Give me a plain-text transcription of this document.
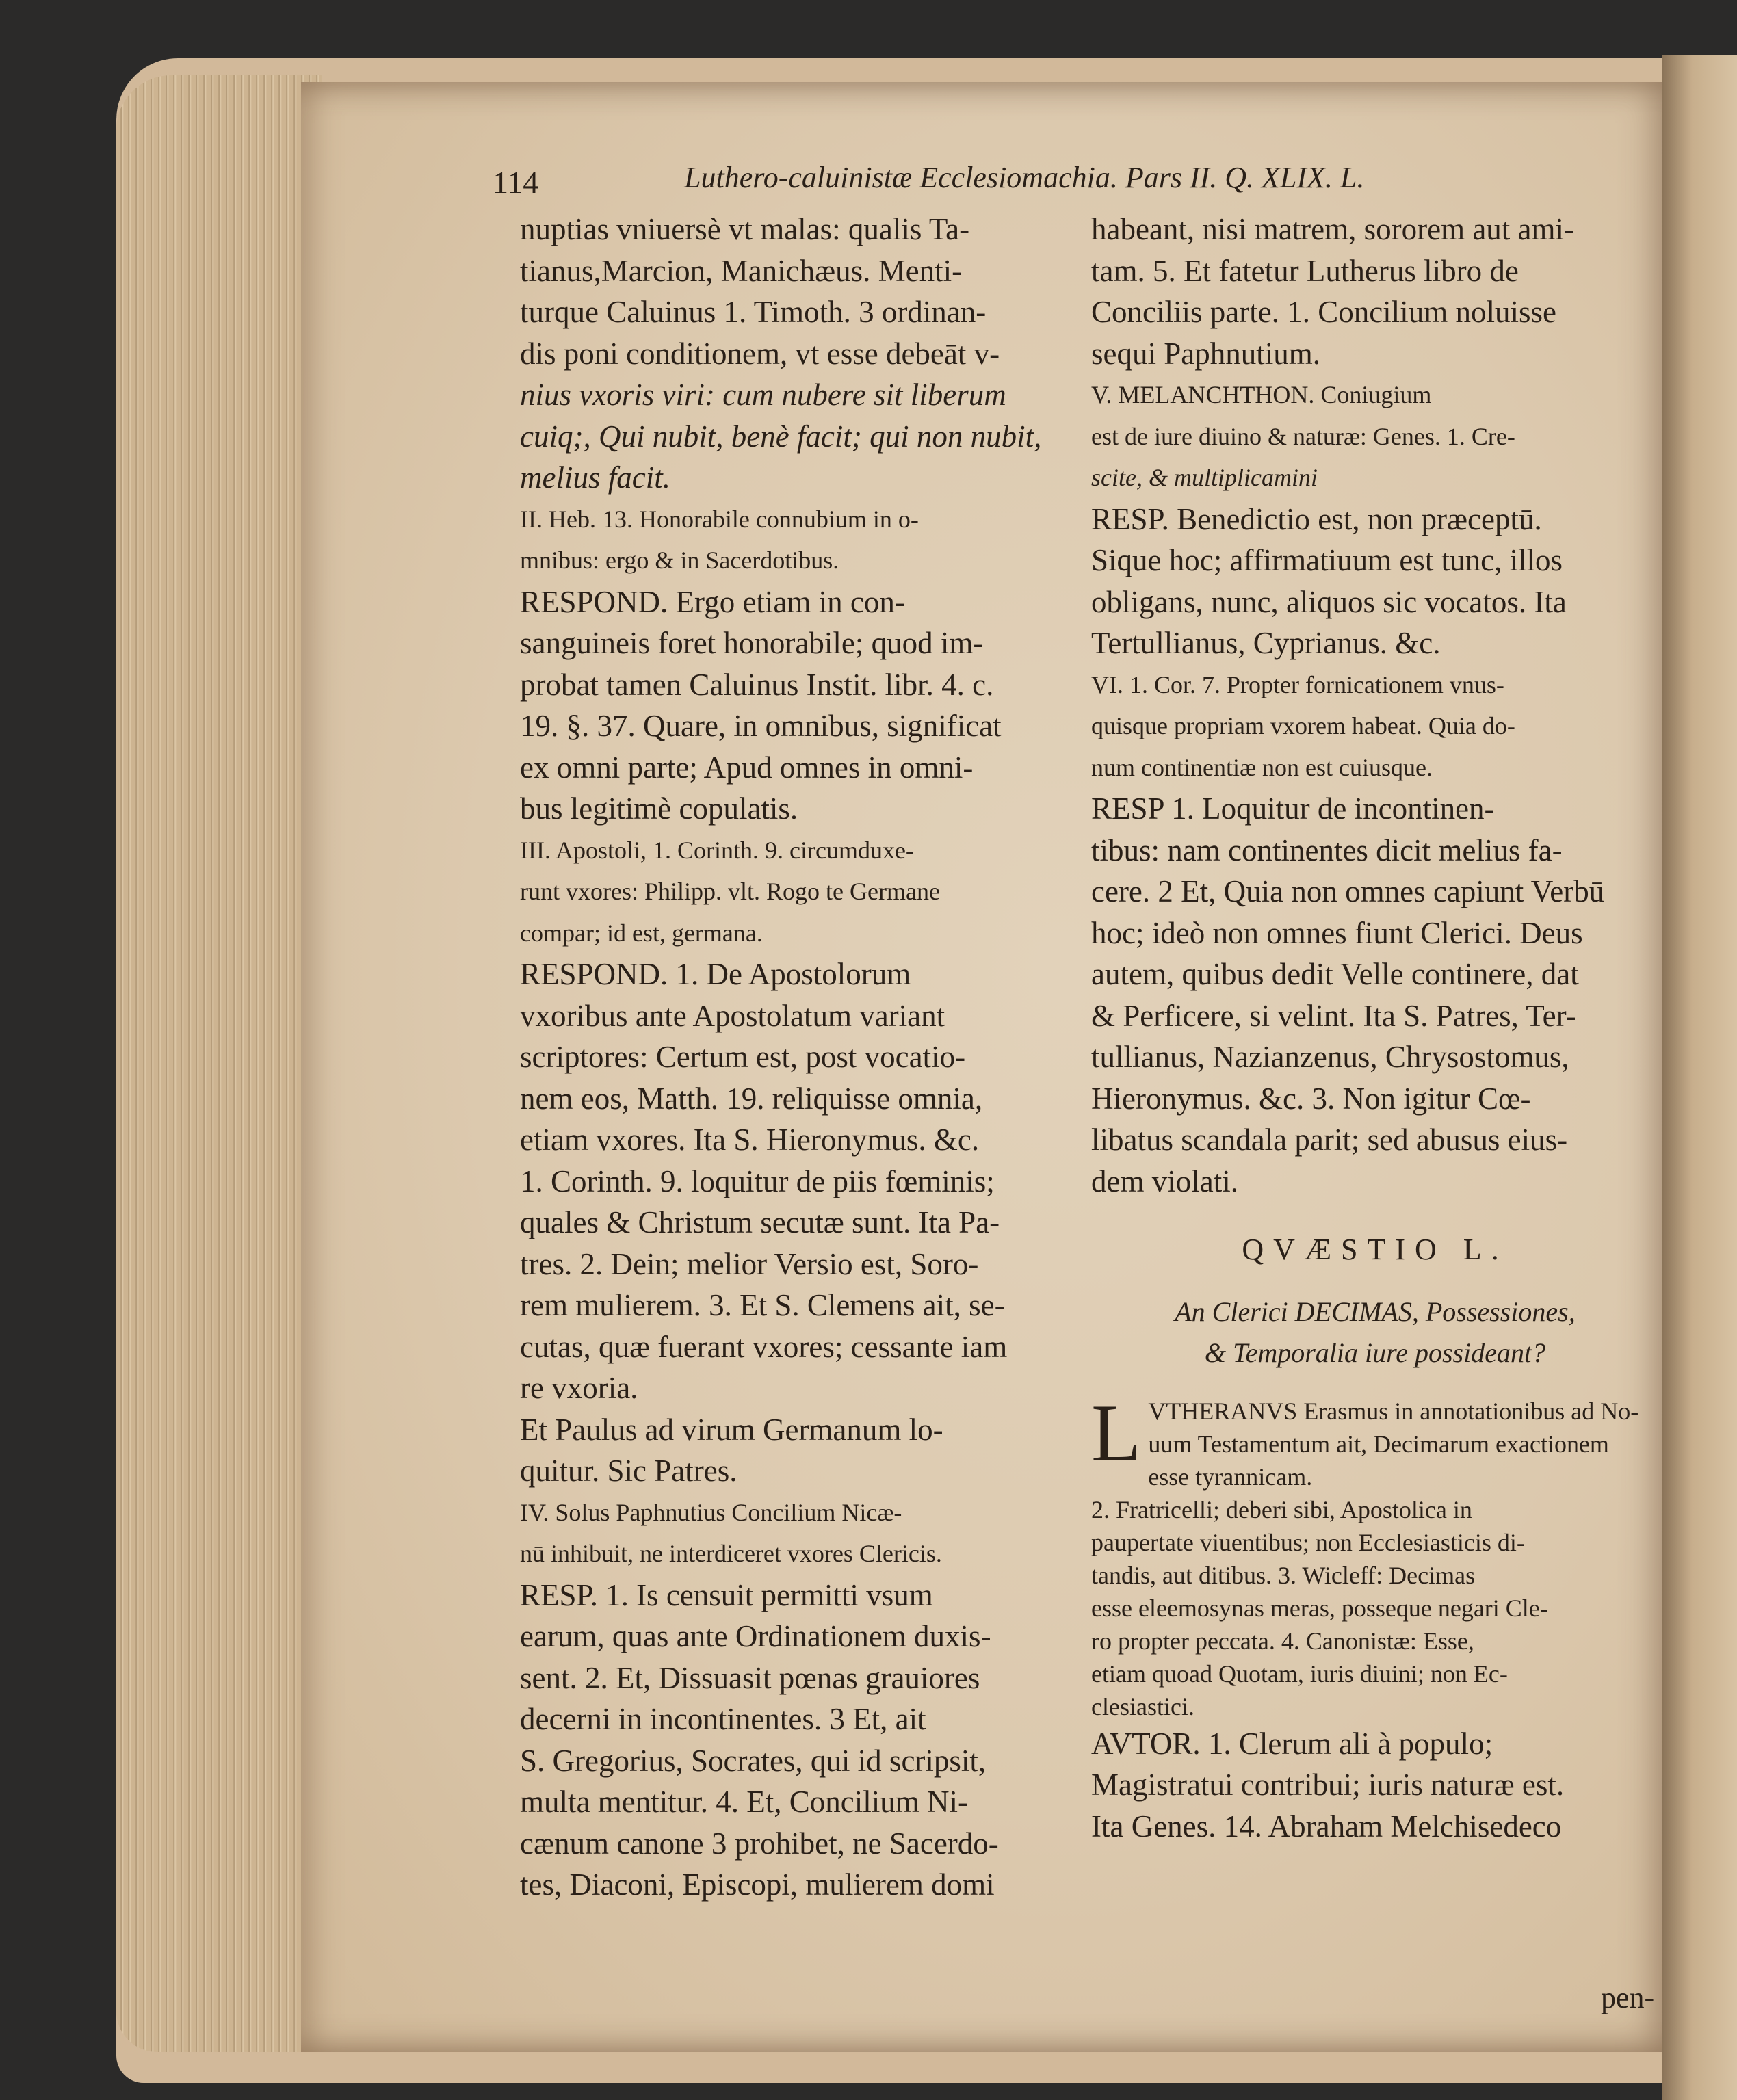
114	Luthero-caluinistæ Ecclesiomachia. Pars II. Q. XLIX. L.
nuptias vniuersè vt malas: qualis Ta-
tianus,Marcion, Manichæus. Menti-
turque Caluinus 1. Timoth. 3 ordinan-
dis poni conditionem, vt esse debeāt v-
nius vxoris viri: cum nubere sit liberum
cuiq;, Qui nubit, benè facit; qui non nubit,
melius facit.
II. Heb. 13. Honorabile connubium in o-
mnibus: ergo & in Sacerdotibus.
RESPOND. Ergo etiam in con-
sanguineis foret honorabile; quod im-
probat tamen Caluinus Instit. libr. 4. c.
19. §. 37. Quare, in omnibus, significat
ex omni parte; Apud omnes in omni-
bus legitimè copulatis.
III. Apostoli, 1. Corinth. 9. circumduxe-
runt vxores: Philipp. vlt. Rogo te Germane
compar; id est, germana.
RESPOND. 1. De Apostolorum
vxoribus ante Apostolatum variant
scriptores: Certum est, post vocatio-
nem eos, Matth. 19. reliquisse omnia,
etiam vxores. Ita S. Hieronymus. &c.
1. Corinth. 9. loquitur de piis fœminis;
quales & Christum secutæ sunt. Ita Pa-
tres. 2. Dein; melior Versio est, Soro-
rem mulierem. 3. Et S. Clemens ait, se-
cutas, quæ fuerant vxores; cessante iam
re vxoria.
Et Paulus ad virum Germanum lo-
quitur. Sic Patres.
IV. Solus Paphnutius Concilium Nicæ-
nū inhibuit, ne interdiceret vxores Clericis.
RESP. 1. Is censuit permitti vsum
earum, quas ante Ordinationem duxis-
sent. 2. Et, Dissuasit pœnas grauiores
decerni in incontinentes. 3 Et, ait
S. Gregorius, Socrates, qui id scripsit,
multa mentitur. 4. Et, Concilium Ni-
cænum canone 3 prohibet, ne Sacerdo-
tes, Diaconi, Episcopi, mulierem domi
habeant, nisi matrem, sororem aut ami-
tam. 5. Et fatetur Lutherus libro de
Conciliis parte. 1. Concilium noluisse
sequi Paphnutium.
V. MELANCHTHON. Coniugium
est de iure diuino & naturæ: Genes. 1. Cre-
scite, & multiplicamini
RESP. Benedictio est, non præceptū.
Sique hoc; affirmatiuum est tunc, illos
obligans, nunc, aliquos sic vocatos. Ita
Tertullianus, Cyprianus. &c.
VI. 1. Cor. 7. Propter fornicationem vnus-
quisque propriam vxorem habeat. Quia do-
num continentiæ non est cuiusque.
RESP 1. Loquitur de incontinen-
tibus: nam continentes dicit melius fa-
cere. 2 Et, Quia non omnes capiunt Verbū
hoc; ideò non omnes fiunt Clerici. Deus
autem, quibus dedit Velle continere, dat
& Perficere, si velint. Ita S. Patres, Ter-
tullianus, Nazianzenus, Chrysostomus,
Hieronymus. &c. 3. Non igitur Cœ-
libatus scandala parit; sed abusus eius-
dem violati.
QVÆSTIO L.
An Clerici DECIMAS, Possessiones,
& Temporalia iure possideant?
L VTHERANVS Erasmus in annotationibus ad No-
uum Testamentum ait, Decimarum exactionem
esse tyrannicam.
2. Fratricelli; deberi sibi, Apostolica in
paupertate viuentibus; non Ecclesiasticis di-
tandis, aut ditibus. 3. Wicleff: Decimas
esse eleemosynas meras, posseque negari Cle-
ro propter peccata. 4. Canonistæ: Esse,
etiam quoad Quotam, iuris diuini; non Ec-
clesiastici.
AVTOR. 1. Clerum ali à populo;
Magistratui contribui; iuris naturæ est.
Ita Genes. 14. Abraham Melchisedeco
pen-
